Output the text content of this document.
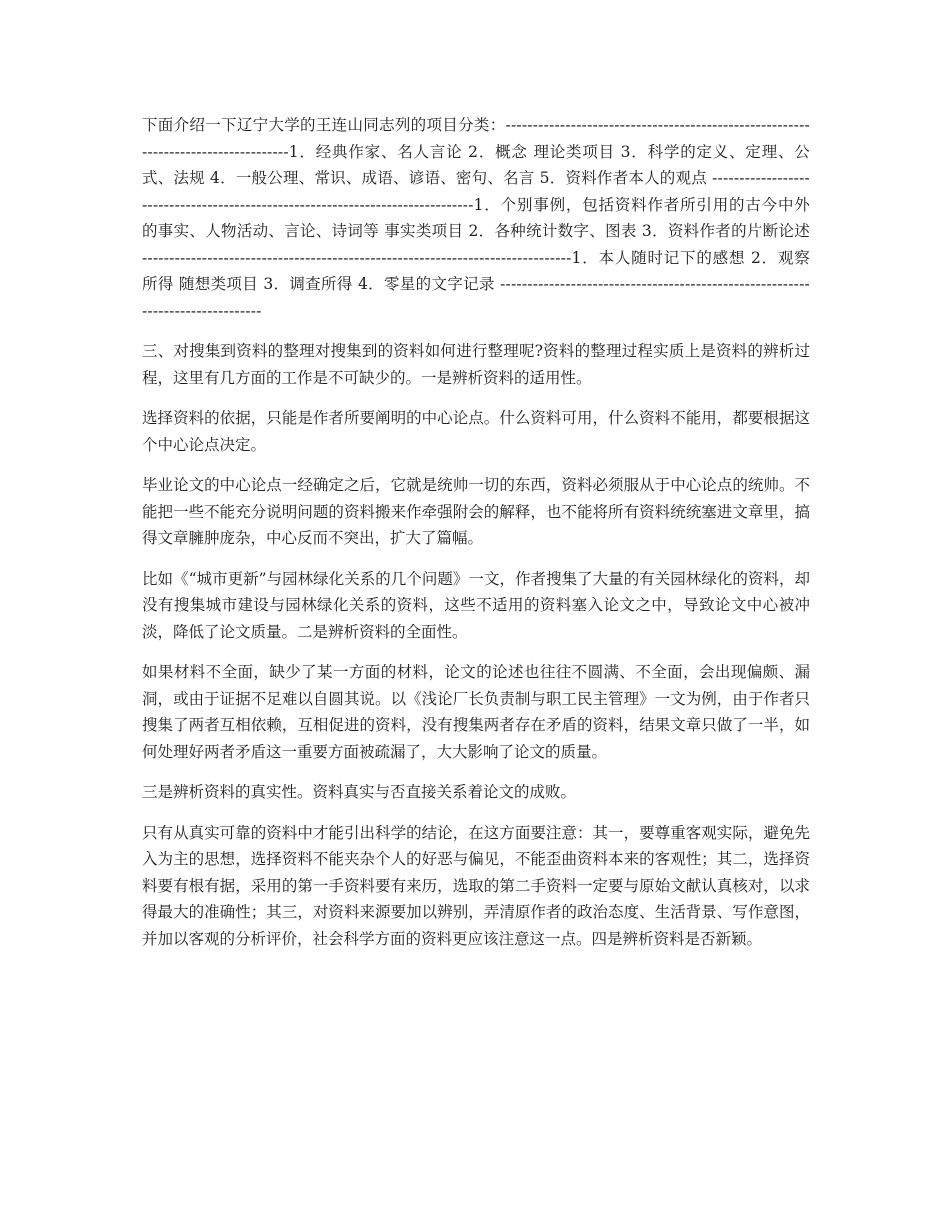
下面介绍一下辽宁大学的王连山同志列的项目分类：-----------------------------------------------------------------------------------1．经典作家、名人言论 2．概念 理论类项目 3．科学的定义、定理、公式、法规 4．一般公理、常识、成语、谚语、密句、名言 5．资料作者本人的观点 -------------------------------------------------------------------------------1．个别事例，包括资料作者所引用的古今中外的事实、人物活动、言论、诗词等 事实类项目 2．各种统计数字、图表 3．资料作者的片断论述 -------------------------------------------------------------------------------1．本人随时记下的感想 2．观察所得 随想类项目 3．调查所得 4．零星的文字记录 -------------------------------------------------------------------------------

三、对搜集到资料的整理对搜集到的资料如何进行整理呢?资料的整理过程实质上是资料的辨析过程，这里有几方面的工作是不可缺少的。一是辨析资料的适用性。

选择资料的依据，只能是作者所要阐明的中心论点。什么资料可用，什么资料不能用，都要根据这个中心论点决定。

毕业论文的中心论点一经确定之后，它就是统帅一切的东西，资料必须服从于中心论点的统帅。不能把一些不能充分说明问题的资料搬来作牵强附会的解释，也不能将所有资料统统塞进文章里，搞得文章臃肿庞杂，中心反而不突出，扩大了篇幅。

比如《“城市更新”与园林绿化关系的几个问题》一文，作者搜集了大量的有关园林绿化的资料，却没有搜集城市建设与园林绿化关系的资料，这些不适用的资料塞入论文之中，导致论文中心被冲淡，降低了论文质量。二是辨析资料的全面性。

如果材料不全面，缺少了某一方面的材料，论文的论述也往往不圆满、不全面，会出现偏颇、漏洞，或由于证据不足难以自圆其说。以《浅论厂长负责制与职工民主管理》一文为例，由于作者只搜集了两者互相依赖，互相促进的资料，没有搜集两者存在矛盾的资料，结果文章只做了一半，如何处理好两者矛盾这一重要方面被疏漏了，大大影响了论文的质量。

三是辨析资料的真实性。资料真实与否直接关系着论文的成败。

只有从真实可靠的资料中才能引出科学的结论，在这方面要注意：其一，要尊重客观实际，避免先入为主的思想，选择资料不能夹杂个人的好恶与偏见，不能歪曲资料本来的客观性；其二，选择资料要有根有据，采用的第一手资料要有来历，选取的第二手资料一定要与原始文献认真核对，以求得最大的准确性；其三，对资料来源要加以辨别，弄清原作者的政治态度、生活背景、写作意图，并加以客观的分析评价，社会科学方面的资料更应该注意这一点。四是辨析资料是否新颖。
